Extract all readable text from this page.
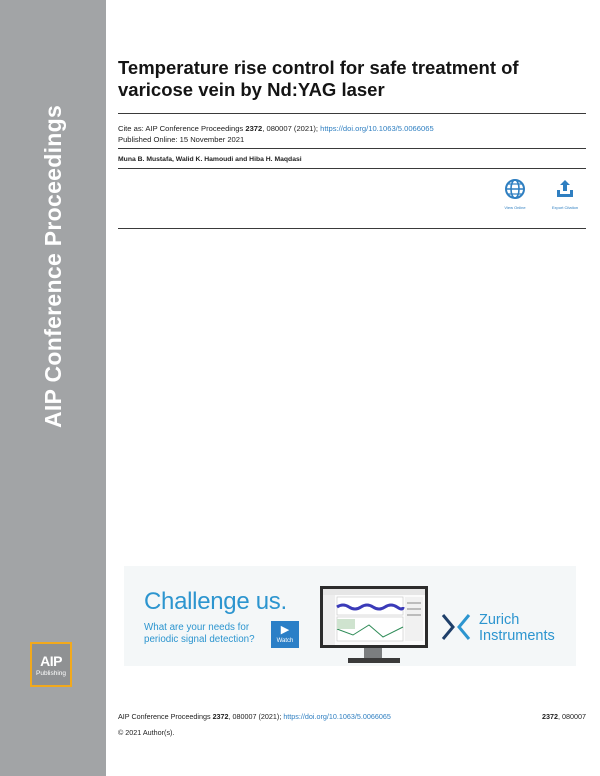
AIP Conference Proceedings
AIP
Publishing
Temperature rise control for safe treatment of varicose vein by Nd:YAG laser
Cite as: AIP Conference Proceedings 2372, 080007 (2021); https://doi.org/10.1063/5.0066065
Published Online: 15 November 2021
Muna B. Mustafa, Walid K. Hamoudi and Hiba H. Maqdasi
View Online	Export Citation
Challenge us.
What are your needs for periodic signal detection?
▶
Watch
Zurich
Instruments
AIP Conference Proceedings 2372, 080007 (2021); https://doi.org/10.1063/5.0066065	2372, 080007
© 2021 Author(s).
